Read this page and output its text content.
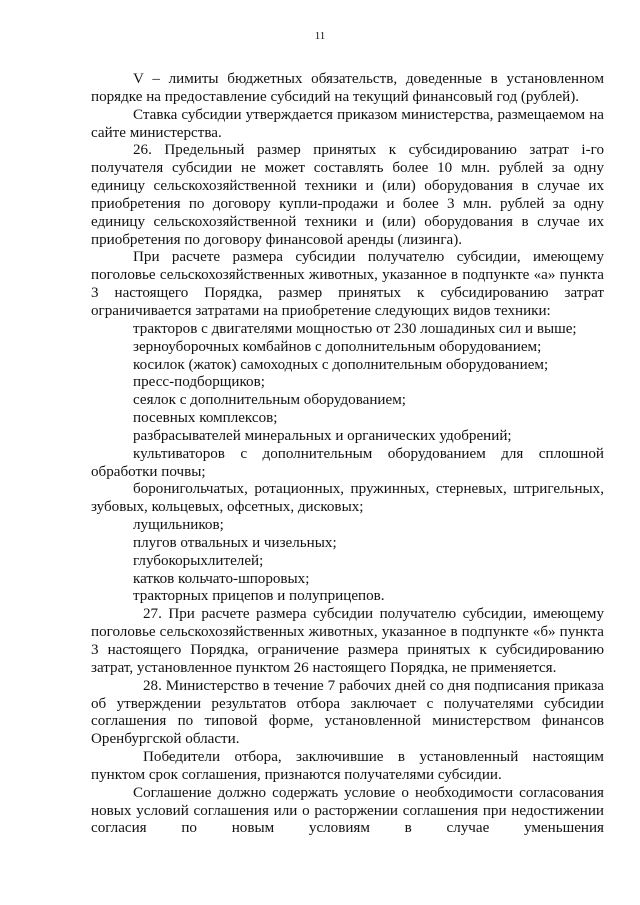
11

V – лимиты бюджетных обязательств, доведенные в установленном порядке на предоставление субсидий на текущий финансовый год (рублей).

Ставка субсидии утверждается приказом министерства, размещаемом на сайте министерства.

26. Предельный размер принятых к субсидированию затрат i-го получателя субсидии не может составлять более 10 млн. рублей за одну единицу сельскохозяйственной техники и (или) оборудования в случае их приобретения по договору купли-продажи и более 3 млн. рублей за одну единицу сельскохозяйственной техники и (или) оборудования в случае их приобретения по договору финансовой аренды (лизинга).

При расчете размера субсидии получателю субсидии, имеющему поголовье сельскохозяйственных животных, указанное в подпункте «а» пункта 3 настоящего Порядка, размер принятых к субсидированию затрат ограничивается затратами на приобретение следующих видов техники:

тракторов с двигателями мощностью от 230 лошадиных сил и выше;

зерноуборочных комбайнов с дополнительным оборудованием;

косилок (жаток) самоходных с дополнительным оборудованием;

пресс-подборщиков;

сеялок с дополнительным оборудованием;

посевных комплексов;

разбрасывателей минеральных и органических удобрений;

культиваторов с дополнительным оборудованием для сплошной обработки почвы;

боронигольчатых, ротационных, пружинных, стерневых, штригельных, зубовых, кольцевых, офсетных, дисковых;

лущильников;

плугов отвальных и чизельных;

глубокорыхлителей;

катков кольчато-шпоровых;

тракторных прицепов и полуприцепов.

27. При расчете размера субсидии получателю субсидии, имеющему поголовье сельскохозяйственных животных, указанное в подпункте «б» пункта 3 настоящего Порядка, ограничение размера принятых к субсидированию затрат, установленное пунктом 26 настоящего Порядка, не применяется.

28. Министерство в течение 7 рабочих дней со дня подписания приказа об утверждении результатов отбора заключает с получателями субсидии соглашения по типовой форме, установленной министерством финансов Оренбургской области.

Победители отбора, заключившие в установленный настоящим пунктом срок соглашения, признаются получателями субсидии.

Соглашение должно содержать условие о необходимости согласования новых условий соглашения или о расторжении соглашения при недостижении согласия по новым условиям в случае уменьшения
